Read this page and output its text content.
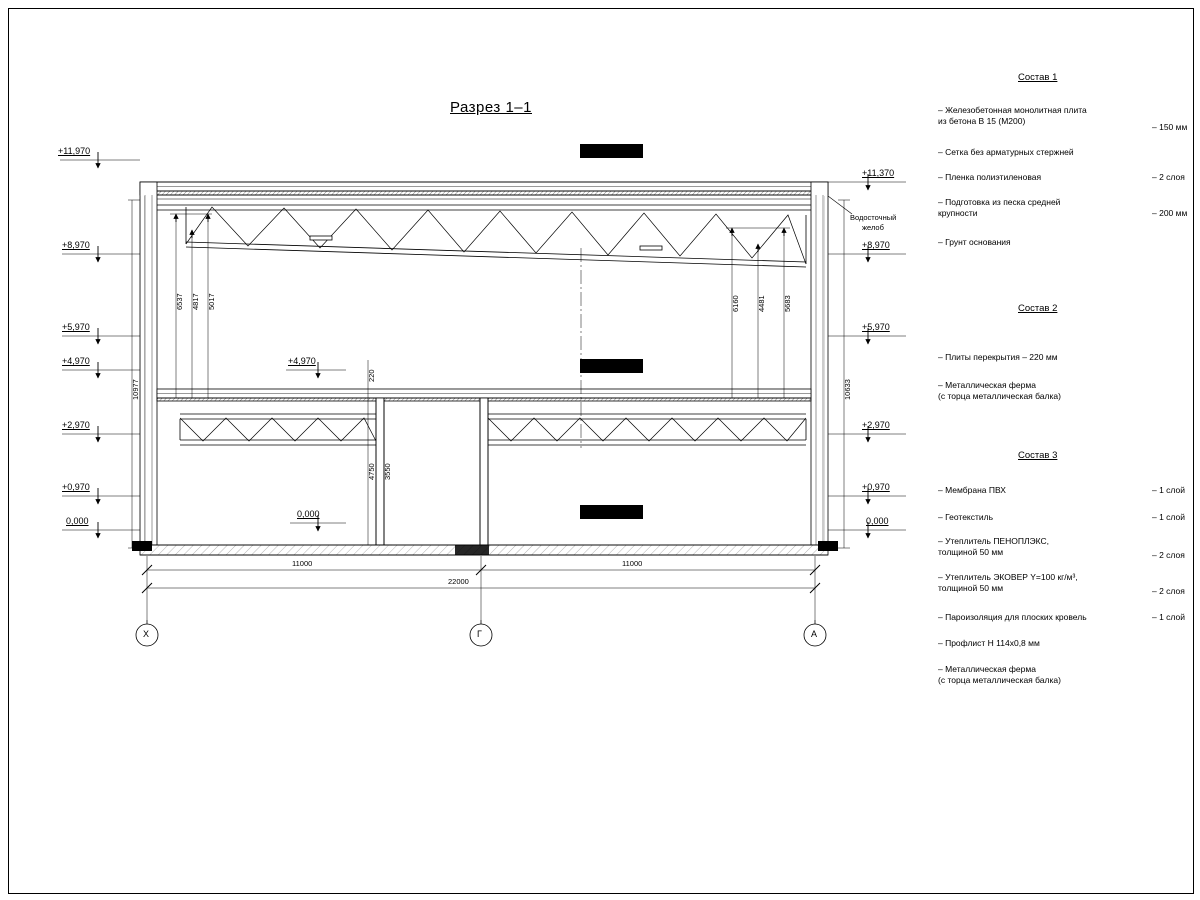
Разрез 1–1
+11,970
+8,970
+5,970
+4,970
+2,970
+0,970
0,000
+11,370
+8,970
+5,970
+2,970
+0,970
0,000
+4,970
0,000
Водосточный
желоб
6537 4817 5017
10977
6160 4481 5683
10633
220
4750 3550
11000	11000
22000
Х	Г	А
Состав 1
– Железобетонная монолитная плита
из бетона В 15 (М200)
– 150 мм
– Сетка без арматурных стержней
– Пленка полиэтиленовая	– 2 слоя
– Подготовка из песка средней
крупности	– 200 мм
– Грунт основания
Состав 2
– Плиты перекрытия – 220 мм
– Металлическая ферма
(с торца металлическая балка)
Состав 3
– Мембрана ПВХ	– 1 слой
– Геотекстиль	– 1 слой
– Утеплитель ПЕНОПЛЭКС,
толщиной 50 мм	– 2 слоя
– Утеплитель ЭКОВЕР Y=100 кг/м³,
толщиной 50 мм	– 2 слоя
– Пароизоляция для плоских кровель	– 1 слой
– Профлист Н 114х0,8 мм
– Металлическая ферма
(с торца металлическая балка)
